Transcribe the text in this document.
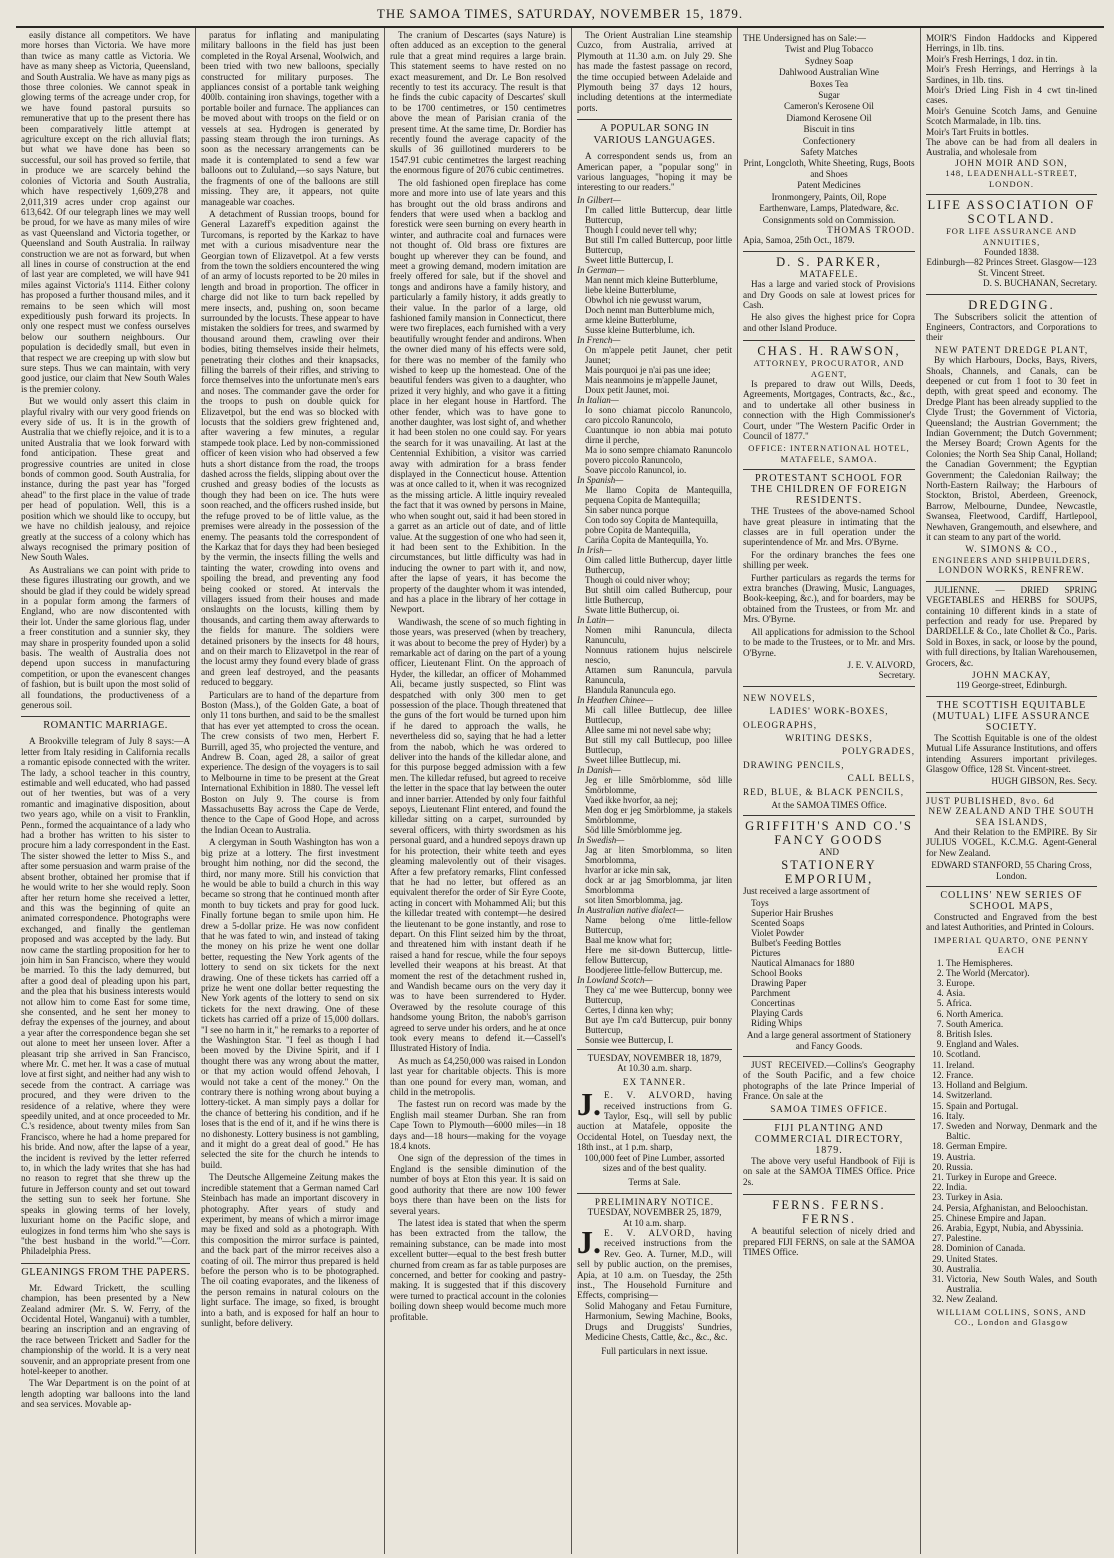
THE SAMOA TIMES, SATURDAY, NOVEMBER 15, 1879.

easily distance all competitors. We have more horses than Victoria. We have more than twice as many cattle as Victoria. We have as many sheep as Victoria, Queensland, and South Australia. We have as many pigs as those three colonies. We cannot speak in glowing terms of the acreage under crop, for we have found pastoral pursuits so remunerative that up to the present there has been comparatively little attempt at agriculture except on the rich alluvial flats; but what we have done has been so successful, our soil has proved so fertile, that in produce we are scarcely behind the colonies of Victoria and South Australia, which have respectively 1,609,278 and 2,011,319 acres under crop against our 613,642. Of our telegraph lines we may well be proud, for we have as many miles of wire as vast Queensland and Victoria together, or Queensland and South Australia. In railway construction we are not as forward, but when all lines in course of construction at the end of last year are completed, we will have 941 miles against Victoria's 1114. Either colony has proposed a further thousand miles, and it remains to be seen which will most expeditiously push forward its projects. In only one respect must we confess ourselves below our southern neighbours. Our population is decidedly small, but even in that respect we are creeping up with slow but sure steps. Thus we can maintain, with very good justice, our claim that New South Wales is the premier colony.

But we would only assert this claim in playful rivalry with our very good friends on every side of us. It is in the growth of Australia that we chiefly rejoice, and it is to a united Australia that we look forward with fond anticipation. These great and progressive countries are united in close bonds of common good. South Australia, for instance, during the past year has "forged ahead" to the first place in the value of trade per head of population. Well, this is a position which we should like to occupy, but we have no childish jealousy, and rejoice greatly at the success of a colony which has always recognised the primary position of New South Wales.

As Australians we can point with pride to these figures illustrating our growth, and we should be glad if they could be widely spread in a popular form among the farmers of England, who are now discontented with their lot. Under the same glorious flag, under a freer constitution and a sunnier sky, they may share in prosperity founded upon a solid basis. The wealth of Australia does not depend upon success in manufacturing competition, or upon the evanescent changes of fashion, but is built upon the most solid of all foundations, the productiveness of a generous soil.

ROMANTIC MARRIAGE.

A Brookville telegram of July 8 says:—A letter from Italy residing in California recalls a romantic episode connected with the writer. The lady, a school teacher in this country, estimable and well educated, who had passed out of her twenties, but was of a very romantic and imaginative disposition, about two years ago, while on a visit to Franklin, Penn., formed the acquaintance of a lady who had a brother has written to his sister to procure him a lady correspondent in the East. The sister showed the letter to Miss S., and after some persuasion and warm praise of the absent brother, obtained her promise that if he would write to her she would reply. Soon after her return home she received a letter, and this was the beginning of quite an animated correspondence. Photographs were exchanged, and finally the gentleman proposed and was accepted by the lady. But now came the startling proposition for her to join him in San Francisco, where they would be married. To this the lady demurred, but after a good deal of pleading upon his part, and the plea that his business interests would not allow him to come East for some time, she consented, and he sent her money to defray the expenses of the journey, and about a year after the correspondence began she set out alone to meet her unseen lover. After a pleasant trip she arrived in San Francisco, where Mr. C. met her. It was a case of mutual love at first sight, and neither had any wish to secede from the contract. A carriage was procured, and they were driven to the residence of a relative, where they were speedily united, and at once proceeded to Mr. C.'s residence, about twenty miles from San Francisco, where he had a home prepared for his bride. And now, after the lapse of a year, the incident is revived by the letter referred to, in which the lady writes that she has had no reason to regret that she threw up the future in Jefferson county and set out toward the setting sun to seek her fortune. She speaks in glowing terms of her lovely, luxuriant home on the Pacific slope, and eulogizes in fond terms him 'who she says is "the best husband in the world."'—Corr. Philadelphia Press.

GLEANINGS FROM THE PAPERS.

Mr. Edward Trickett, the sculling champion, has been presented by a New Zealand admirer (Mr. S. W. Ferry, of the Occidental Hotel, Wanganui) with a tumbler, bearing an inscription and an engraving of the race between Trickett and Sadler for the championship of the world. It is a very neat souvenir, and an appropriate present from one hotel-keeper to another.

The War Department is on the point of at length adopting war balloons into the land and sea services. Movable ap-

paratus for inflating and manipulating military balloons in the field has just been completed in the Royal Arsenal, Woolwich, and been tried with two new balloons, specially constructed for military purposes. The appliances consist of a portable tank weighing 400lb. containing iron shavings, together with a portable boiler and furnace. The appliances can be moved about with troops on the field or on vessels at sea. Hydrogen is generated by passing steam through the iron turnings. As soon as the necessary arrangements can be made it is contemplated to send a few war balloons out to Zululand,—so says Nature, but the fragments of one of the balloons are still missing. They are, it appears, not quite manageable war coaches.

A detachment of Russian troops, bound for General Lazareff's expedition against the Turcomans, is reported by the Karkaz to have met with a curious misadventure near the Georgian town of Elizavetpol. At a few versts from the town the soldiers encountered the wing of an army of locusts reported to be 20 miles in length and broad in proportion. The officer in charge did not like to turn back repelled by mere insects, and, pushing on, soon became surrounded by the locusts. These appear to have mistaken the soldiers for trees, and swarmed by thousand around them, crawling over their bodies, biting themselves inside their helmets, penetrating their clothes and their knapsacks, filling the barrels of their rifles, and striving to force themselves into the unfortunate men's ears and noses. The commander gave the order for the troops to push on double quick for Elizavetpol, but the end was so blocked with locusts that the soldiers grew frightened and, after wavering a few minutes, a regular stampede took place. Led by non-commissioned officer of keen vision who had observed a few huts a short distance from the road, the troops dashed across the fields, slipping about over the crushed and greasy bodies of the locusts as though they had been on ice. The huts were soon reached, and the officers rushed inside, but the refuge proved to be of little value, as the premises were already in the possession of the enemy. The peasants told the correspondent of the Karkaz that for days they had been besieged by the vermin, the insects filling the wells and tainting the water, crowding into ovens and spoiling the bread, and preventing any food being cooked or stored. At intervals the villagers issued from their houses and made onslaughts on the locusts, killing them by thousands, and carting them away afterwards to the fields for manure. The soldiers were detained prisoners by the insects for 48 hours, and on their march to Elizavetpol in the rear of the locust army they found every blade of grass and green leaf destroyed, and the peasants reduced to beggary.

Particulars are to hand of the departure from Boston (Mass.), of the Golden Gate, a boat of only 11 tons burthen, and said to be the smallest that has ever yet attempted to cross the ocean. The crew consists of two men, Herbert F. Burrill, aged 35, who projected the venture, and Andrew B. Coan, aged 28, a sailor of great experience. The design of the voyagers is to sail to Melbourne in time to be present at the Great International Exhibition in 1880. The vessel left Boston on July 9. The course is from Massachusetts Bay across the Cape de Verde, thence to the Cape of Good Hope, and across the Indian Ocean to Australia.

A clergyman in South Washington has won a big prize at a lottery. The first investment brought him nothing, nor did the second, the third, nor many more. Still his conviction that he would be able to build a church in this way became so strong that he continued month after month to buy tickets and pray for good luck. Finally fortune began to smile upon him. He drew a 5-dollar prize. He was now confident that he was fated to win, and instead of taking the money on his prize he went one dollar better, requesting the New York agents of the lottery to send on six tickets for the next drawing. One of these tickets has carried off a prize he went one dollar better requesting the New York agents of the lottery to send on six tickets for the next drawing. One of these tickets has carried off a prize of 15,000 dollars. "I see no harm in it," he remarks to a reporter of the Washington Star. "I feel as though I had been moved by the Divine Spirit, and if I thought there was any wrong about the matter, or that my action would offend Jehovah, I would not take a cent of the money." On the contrary there is nothing wrong about buying a lottery-ticket. A man simply pays a dollar for the chance of bettering his condition, and if he loses that is the end of it, and if he wins there is no dishonesty. Lottery business is not gambling, and it might do a great deal of good." He has selected the site for the church he intends to build.

The Deutsche Allgemeine Zeitung makes the incredible statement that a German named Carl Steinbach has made an important discovery in photography. After years of study and experiment, by means of which a mirror image may be fixed and sold as a photograph. With this composition the mirror surface is painted, and the back part of the mirror receives also a coating of oil. The mirror thus prepared is held before the person who is to be photographed. The oil coating evaporates, and the likeness of the person remains in natural colours on the light surface. The image, so fixed, is brought into a bath, and is exposed for half an hour to sunlight, before delivery.

The cranium of Descartes (says Nature) is often adduced as an exception to the general rule that a great mind requires a large brain. This statement seems to have rested on no exact measurement, and Dr. Le Bon resolved recently to test its accuracy. The result is that he finds the cubic capacity of Descartes' skull to be 1700 centimetres, or 150 centimetres above the mean of Parisian crania of the present time. At the same time, Dr. Bordier has recently found the average capacity of the skulls of 36 guillotined murderers to be 1547.91 cubic centimetres the largest reaching the enormous figure of 2076 cubic centimetres.

The old fashioned open fireplace has come more and more into use of late years and this has brought out the old brass andirons and fenders that were used when a backlog and forestick were seen burning on every hearth in winter, and authracite coal and furnaces were not thought of. Old brass ore fixtures are bought up wherever they can be found, and meet a growing demand, modern imitation are freely offered for sale, but if the shovel and tongs and andirons have a family history, and particularly a family history, it adds greatly to their value. In the parlor of a large, old fashioned family mansion in Connecticut, there were two fireplaces, each furnished with a very beautifully wrought fender and andirons. When the owner died many of his effects were sold, for there was no member of the family who wished to keep up the homestead. One of the beautiful fenders was given to a daughter, who prized it very highly, and who gave it a fitting place in her elegant house in Hartford. The other fender, which was to have gone to another daughter, was lost sight of, and whether it had been stolen no one could say. For years the search for it was unavailing. At last at the Centennial Exhibition, a visitor was carried away with admiration for a brass fender displayed in the Connecticut house. Attention was at once called to it, when it was recognized as the missing article. A little inquiry revealed the fact that it was owned by persons in Maine, who when sought out, said it had been stored in a garret as an article out of date, and of little value. At the suggestion of one who had seen it, it had been sent to the Exhibition. In the circumstances, but little difficulty was had in inducing the owner to part with it, and now, after the lapse of years, it has become the property of the daughter whom it was intended, and has a place in the library of her cottage in Newport.

Wandiwash, the scene of so much fighting in those years, was preserved (when by treachery, it was about to become the prey of Hyder) by a remarkable act of daring on the part of a young officer, Lieutenant Flint. On the approach of Hyder, the killedar, an officer of Mohammed Ali, became justly suspected, so Flint was despatched with only 300 men to get possession of the place. Though threatened that the guns of the fort would be turned upon him if he dared to approach the walls, he nevertheless did so, saying that he had a letter from the nabob, which he was ordered to deliver into the hands of the killedar alone, and for this purpose begged admission with a few men. The killedar refused, but agreed to receive the letter in the space that lay between the outer and inner barrier. Attended by only four faithful sepoys, Lieutenant Flint entered, and found the killedar sitting on a carpet, surrounded by several officers, with thirty swordsmen as his personal guard, and a hundred sepoys drawn up for his protection, their white teeth and eyes gleaming malevolently out of their visages. After a few prefatory remarks, Flint confessed that he had no letter, but offered as an equivalent therefor the order of Sir Eyre Coote, acting in concert with Mohammed Ali; but this the killedar treated with contempt—he desired the lieutenant to be gone instantly, and rose to depart. On this Flint seized him by the throat, and threatened him with instant death if he raised a hand for rescue, while the four sepoys levelled their weapons at his breast. At that moment the rest of the detachment rushed in, and Wandish became ours on the very day it was to have been surrendered to Hyder. Overawed by the resolute courage of this handsome young Briton, the nabob's garrison agreed to serve under his orders, and he at once took every means to defend it.—Cassell's Illustrated History of India.

As much as £4,250,000 was raised in London last year for charitable objects. This is more than one pound for every man, woman, and child in the metropolis.

The fastest run on record was made by the English mail steamer Durban. She ran from Cape Town to Plymouth—6000 miles—in 18 days and—18 hours—making for the voyage 18.4 knots.

One sign of the depression of the times in England is the sensible diminution of the number of boys at Eton this year. It is said on good authority that there are now 100 fewer boys there than have been on the lists for several years.

The latest idea is stated that when the sperm has been extracted from the tallow, the remaining substance, can be made into most excellent butter—equal to the best fresh butter churned from cream as far as table purposes are concerned, and better for cooking and pastry-making. It is suggested that if this discovery were turned to practical account in the colonies boiling down sheep would become much more profitable.

The Orient Australian Line steamship Cuzco, from Australia, arrived at Plymouth at 11.30 a.m. on July 29. She has made the fastest passage on record, the time occupied between Adelaide and Plymouth being 37 days 12 hours, including detentions at the intermediate ports.

A POPULAR SONG IN VARIOUS LANGUAGES.

A correspondent sends us, from an American paper, a "popular song" in various languages, "hoping it may be interesting to our readers."

In Gilbert—

I'm called little Buttercup, dear little Buttercup,

Though I could never tell why;

But still I'm called Buttercup, poor little Buttercup,

Sweet little Buttercup, I.

In German—

Man nennt mich kleine Butterblume,

liebe kleine Butterblume,

Obwhol ich nie gewusst warum,

Doch nennt man Butterblume mich,

arme kleine Butterblume,

Susse kleine Butterblume, ich.

In French—

On m'appele petit Jaunet, cher petit Jaunet;

Mais pourquoi je n'ai pas une idee;

Mais neanmoins je m'appelle Jaunet,

Doux petit Jaunet, moi.

In Italian—

Io sono chiamat piccolo Ranuncolo, caro piccolo Ranuncolo,

Cuantunque io non abbia mai potuto dirne il perche,

Ma io sono sempre chiamato Ranuncolo povero piccolo Ranuncolo,

Soave piccolo Ranuncol, io.

In Spanish—

Me llamo Copita de Mantequilla, pequena Copita de Mantequilla;

Sin saber nunca porque

Con todo soy Copita de Mantequilla,

pobre Copita de Mantequilla,

Cariña Copita de Mantequilla, Yo.

In Irish—

Oim called little Buthercup, dayer little Buthercup,

Though oi could niver whoy;

But shtill oim called Buthercup, pour little Buthercup,

Swate little Buthercup, oi.

In Latin—

Nomen mihi Ranuncula, dilecta Ranunculu,

Nonnuus rationem hujus nelscirele nescio,

Attamen sum Ranuncula, parvula Ranuncula,

Blandula Ranuncula ego.

In Heathen Chinee—

Mi call lillee Buttlecup, dee lillee Buttlecup,

Allee same mi not nevel sabe why;

But still my call Buttlecup, poo lillee Buttlecup,

Sweet lillee Buttlecup, mi.

In Danish—

Jeg er lille Smörblomme, söd lille Smörblomme,

Vaed ikke hvorfor, aa nej;

Men dog er jeg Smörblomme, ja stakels Smörblomme,

Söd lille Smörblomme jeg.

In Swedish—

Jag ar liten Smorblomma, so liten Smorblomma,

hvarfor ar icke min sak,

dock ar ar jag Smorblomma, jar liten Smorblomma

sot liten Smorblomma, jag.

In Australian native dialect—

Name belong o'me little-fellow Buttercup,

Baal me know what for;

Here me sit-down Buttercup, little-fellow Buttercup,

Boodjeree little-fellow Buttercup, me.

In Lowland Scotch—

They ca' me wee Buttercup, bonny wee Buttercup,

Certes, I dinna ken why;

But aye I'm ca'd Buttercup, puir bonny Buttercup,

Sonsie wee Buttercup, I.

TUESDAY, NOVEMBER 18, 1879,
At 10.30 a.m. sharp.
EX TANNER.
J. E. V. ALVORD, having received instructions from G. Taylor, Esq., will sell by public auction at Matafele, opposite the Occidental Hotel, on Tuesday next, the 18th inst., at 1 p.m. sharp,
100,000 feet of Pine Lumber, assorted sizes and of the best quality.
Terms at Sale.
PRELIMINARY NOTICE.
TUESDAY, NOVEMBER 25, 1879,
At 10 a.m. sharp.
J. E. V. ALVORD, having received instructions from the Rev. Geo. A. Turner, M.D., will sell by public auction, on the premises, Apia, at 10 a.m. on Tuesday, the 25th inst., The Household Furniture and Effects, comprising—
Solid Mahogany and Fetau Furniture, Harmonium, Sewing Machine, Books, Drugs and Druggists' Sundries, Medicine Chests, Cattle, &c., &c., &c.
Full particulars in next issue.
THE Undersigned has on Sale:—
Twist and Plug Tobacco
Sydney Soap
Dahlwood Australian Wine
Boxes Tea
Sugar
Cameron's Kerosene Oil
Diamond Kerosene Oil
Biscuit in tins
Confectionery
Safety Matches
Print, Longcloth, White Sheeting, Rugs, Boots and Shoes
Patent Medicines
Ironmongery, Paints, Oil, Rope
Earthenware, Lamps, Platedware, &c.
Consignments sold on Commission.
THOMAS TROOD.
Apia, Samoa, 25th Oct., 1879.
D. S. PARKER,
MATAFELE.

Has a large and varied stock of Provisions and Dry Goods on sale at lowest prices for Cash.

He also gives the highest price for Copra and other Island Produce.

CHAS. H. RAWSON,
ATTORNEY, PROCURATOR, AND AGENT,

Is prepared to draw out Wills, Deeds, Agreements, Mortgages, Contracts, &c., &c., and to undertake all other business in connection with the High Commissioner's Court, under "The Western Pacific Order in Council of 1877."

OFFICE: INTERNATIONAL HOTEL, MATAFELE, SAMOA.
PROTESTANT SCHOOL FOR THE CHILDREN OF FOREIGN RESIDENTS.

THE Trustees of the above-named School have great pleasure in intimating that the classes are in full operation under the superintendence of Mr. and Mrs. O'Byrne.

For the ordinary branches the fees one shilling per week.

Further particulars as regards the terms for extra branches (Drawing, Music, Languages, Book-keeping, &c.), and for boarders, may be obtained from the Trustees, or from Mr. and Mrs. O'Byrne.

All applications for admission to the School to be made to the Trustees, or to Mr. and Mrs. O'Byrne.

J. E. V. ALVORD,
Secretary.
NEW NOVELS,
LADIES' WORK-BOXES,
OLEOGRAPHS,
WRITING DESKS,
POLYGRADES,
DRAWING PENCILS,
CALL BELLS,
RED, BLUE, & BLACK PENCILS,
At the SAMOA TIMES Office.
GRIFFITH'S AND CO.'S
FANCY GOODS
AND
STATIONERY EMPORIUM,
Just received a large assortment of
Toys
Superior Hair Brushes
Scented Soaps
Violet Powder
Bulbet's Feeding Bottles
Pictures
Nautical Almanacs for 1880
School Books
Drawing Paper
Parchment
Concertinas
Playing Cards
Riding Whips
And a large general assortment of Stationery and Fancy Goods.

JUST RECEIVED.—Collins's Geography of the South Pacific, and a few choice photographs of the late Prince Imperial of France. On sale at the

SAMOA TIMES OFFICE.
FIJI PLANTING AND COMMERCIAL DIRECTORY, 1879.

The above very useful Handbook of Fiji is on sale at the SAMOA TIMES Office. Price 2s.

FERNS. FERNS. FERNS.

A beautiful selection of nicely dried and prepared FIJI FERNS, on sale at the SAMOA TIMES Office.

MOIR'S Findon Haddocks and Kippered Herrings, in 1lb. tins.
Moir's Fresh Herrings, 1 doz. in tin.
Moir's Fresh Herrings, and Herrings à la Sardines, in 1lb. tins.
Moir's Dried Ling Fish in 4 cwt tin-lined cases.
Moir's Genuine Scotch Jams, and Genuine Scotch Marmalade, in 1lb. tins.
Moir's Tart Fruits in bottles.
The above can be had from all dealers in Australia, and wholesale from
JOHN MOIR AND SON,
148, LEADENHALL-STREET, LONDON.
LIFE ASSOCIATION OF SCOTLAND.
FOR LIFE ASSURANCE AND ANNUITIES,
Founded 1838.
Edinburgh—82 Princes Street. Glasgow—123 St. Vincent Street.
D. S. BUCHANAN, Secretary.
DREDGING.

The Subscribers solicit the attention of Engineers, Contractors, and Corporations to their

NEW PATENT DREDGE PLANT,

By which Harbours, Docks, Bays, Rivers, Shoals, Channels, and Canals, can be deepened or cut from 1 foot to 30 feet in depth, with great speed and economy. The Dredge Plant has been already supplied to the Clyde Trust; the Government of Victoria, Queensland; the Austrian Government; the Indian Government; the Dutch Government; the Mersey Board; Crown Agents for the Colonies; the North Sea Ship Canal, Holland; the Canadian Government; the Egyptian Government; the Caledonian Railway; the North-Eastern Railway; the Harbours of Stockton, Bristol, Aberdeen, Greenock, Barrow, Melbourne, Dundee, Newcastle, Swansea, Fleetwood, Cardiff, Hartlepool, Newhaven, Grangemouth, and elsewhere, and it can steam to any part of the world.

W. SIMONS & CO.,
ENGINEERS AND SHIPBUILDERS,
LONDON WORKS, RENFREW.

JULIENNE. — DRIED SPRING VEGETABLES and HERBS for SOUPS, containing 10 different kinds in a state of perfection and ready for use. Prepared by DARDELLE & Co., late Chollet & Co., Paris. Sold in Boxes, in sack, or loose by the pound, with full directions, by Italian Warehousemen, Grocers, &c.

JOHN MACKAY,
119 George-street, Edinburgh.
THE SCOTTISH EQUITABLE (MUTUAL) LIFE ASSURANCE SOCIETY.

The Scottish Equitable is one of the oldest Mutual Life Assurance Institutions, and offers intending Assurers important privileges. Glasgow Office, 128 St. Vincent-street.

HUGH GIBSON, Res. Secy.
JUST PUBLISHED, 8vo. 6d
NEW ZEALAND AND THE SOUTH SEA ISLANDS,

And their Relation to the EMPIRE. By Sir JULIUS VOGEL, K.C.M.G. Agent-General for New Zealand.

EDWARD STANFORD, 55 Charing Cross, London.
COLLINS' NEW SERIES OF SCHOOL MAPS,

Constructed and Engraved from the best and latest Authorities, and Printed in Colours.

IMPERIAL QUARTO, ONE PENNY EACH
1. The Hemispheres.
2. The World (Mercator).
3. Europe.
4. Asia.
5. Africa.
6. North America.
7. South America.
8. British Isles.
9. England and Wales.
10. Scotland.
11. Ireland.
12. France.
13. Holland and Belgium.
14. Switzerland.
15. Spain and Portugal.
16. Italy.
17. Sweden and Norway, Denmark and the Baltic.
18. German Empire.
19. Austria.
20. Russia.
21. Turkey in Europe and Greece.
22. India.
23. Turkey in Asia.
24. Persia, Afghanistan, and Beloochistan.
25. Chinese Empire and Japan.
26. Arabia, Egypt, Nubia, and Abyssinia.
27. Palestine.
28. Dominion of Canada.
29. United States.
30. Australia.
31. Victoria, New South Wales, and South Australia.
32. New Zealand.
WILLIAM COLLINS, SONS, AND CO., London and Glasgow
